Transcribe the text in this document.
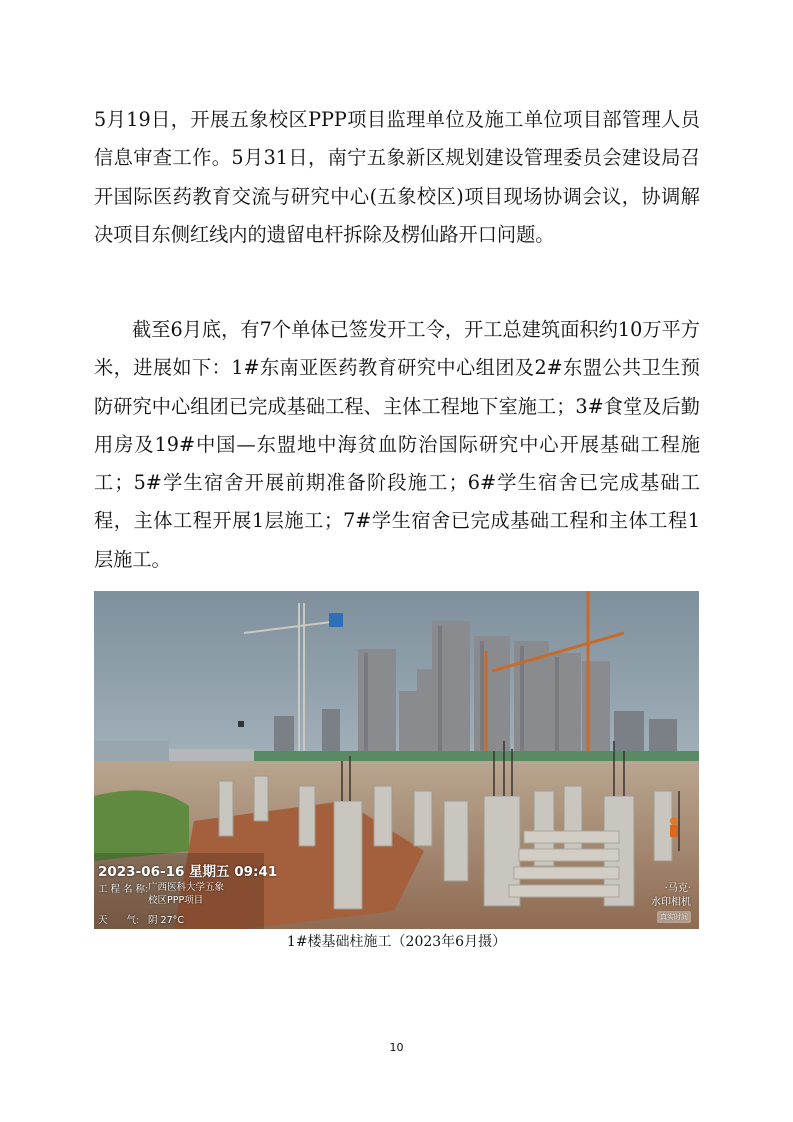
5月19日，开展五象校区PPP项目监理单位及施工单位项目部管理人员信息审查工作。5月31日，南宁五象新区规划建设管理委员会建设局召开国际医药教育交流与研究中心(五象校区)项目现场协调会议，协调解决项目东侧红线内的遗留电杆拆除及楞仙路开口问题。

截至6月底，有7个单体已签发开工令，开工总建筑面积约10万平方米，进展如下：1#东南亚医药教育研究中心组团及2#东盟公共卫生预防研究中心组团已完成基础工程、主体工程地下室施工；3#食堂及后勤用房及19#中国—东盟地中海贫血防治国际研究中心开展基础工程施工；5#学生宿舍开展前期准备阶段施工；6#学生宿舍已完成基础工程，主体工程开展1层施工；7#学生宿舍已完成基础工程和主体工程1层施工。

2023-06-16 星期五 09:41
工 程 名 称: 广西医科大学五象
校区PPP项目
天　　气: 阴 27°C
·马克·
水印相机
真实时间
1#楼基础柱施工（2023年6月摄）
10
